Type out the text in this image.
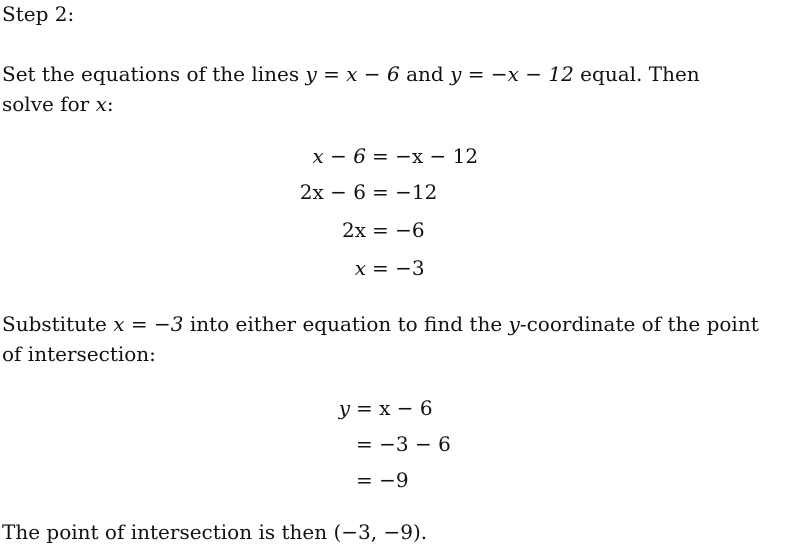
Step 2:
Set the equations of the lines y = x − 6 and y = −x − 12 equal. Then
solve for x:
x − 6 = −x − 12
2x − 6 = −12
2x = −6
x = −3
Substitute x = −3 into either equation to find the y-coordinate of the point
of intersection:
y = x − 6
= −3 − 6
= −9
The point of intersection is then (−3, −9).
